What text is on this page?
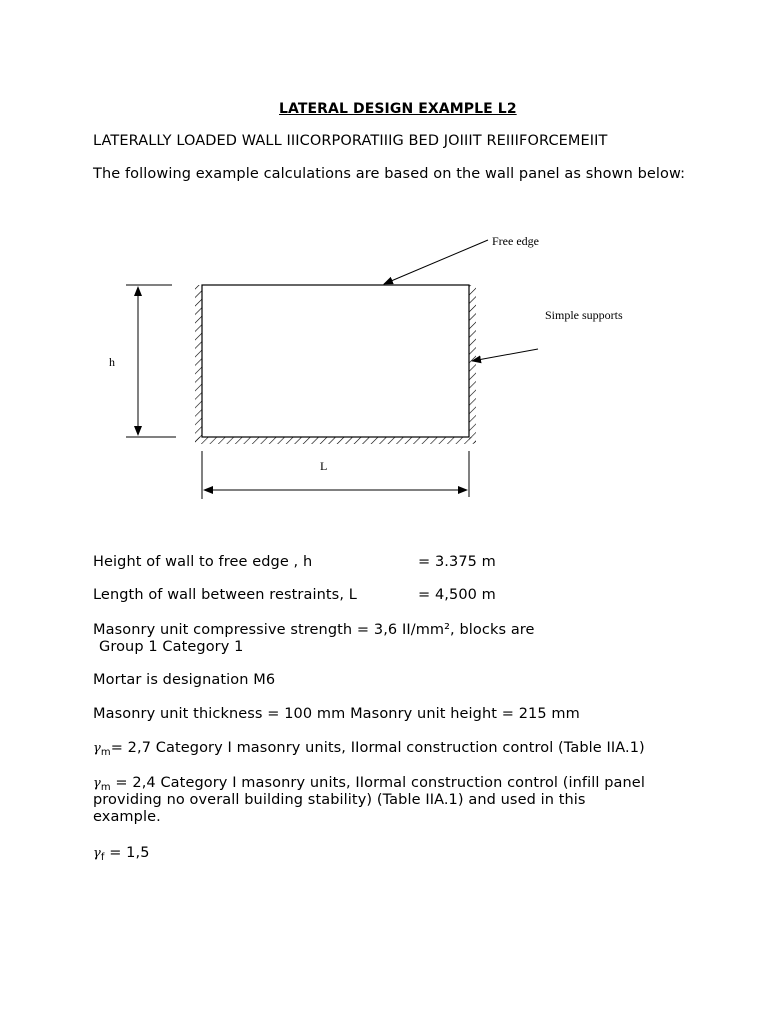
LATERAL DESIGN EXAMPLE L2

LATERALLY LOADED WALL IIICORPORATIIIG BED JOIIIT REIIIFORCEMEIIT

The following example calculations are based on the wall panel as shown below:

Free edge
Simple supports
h
L

Height of wall to free edge , h	= 3.375 m

Length of wall between restraints, L	= 4,500 m

Masonry unit compressive strength = 3,6 II/mm², blocks are

Group 1 Category 1

Mortar is designation M6

Masonry unit thickness = 100 mm Masonry unit height = 215 mm

$\gamma_m= 2,7$ Category I masonry units, IIormal construction control (Table IIA.1)

$\gamma_m = 2,4$ Category I masonry units, IIormal construction control (infill panel

providing no overall building stability) (Table IIA.1) and used in this

example.

$\gamma_f = 1,5$
